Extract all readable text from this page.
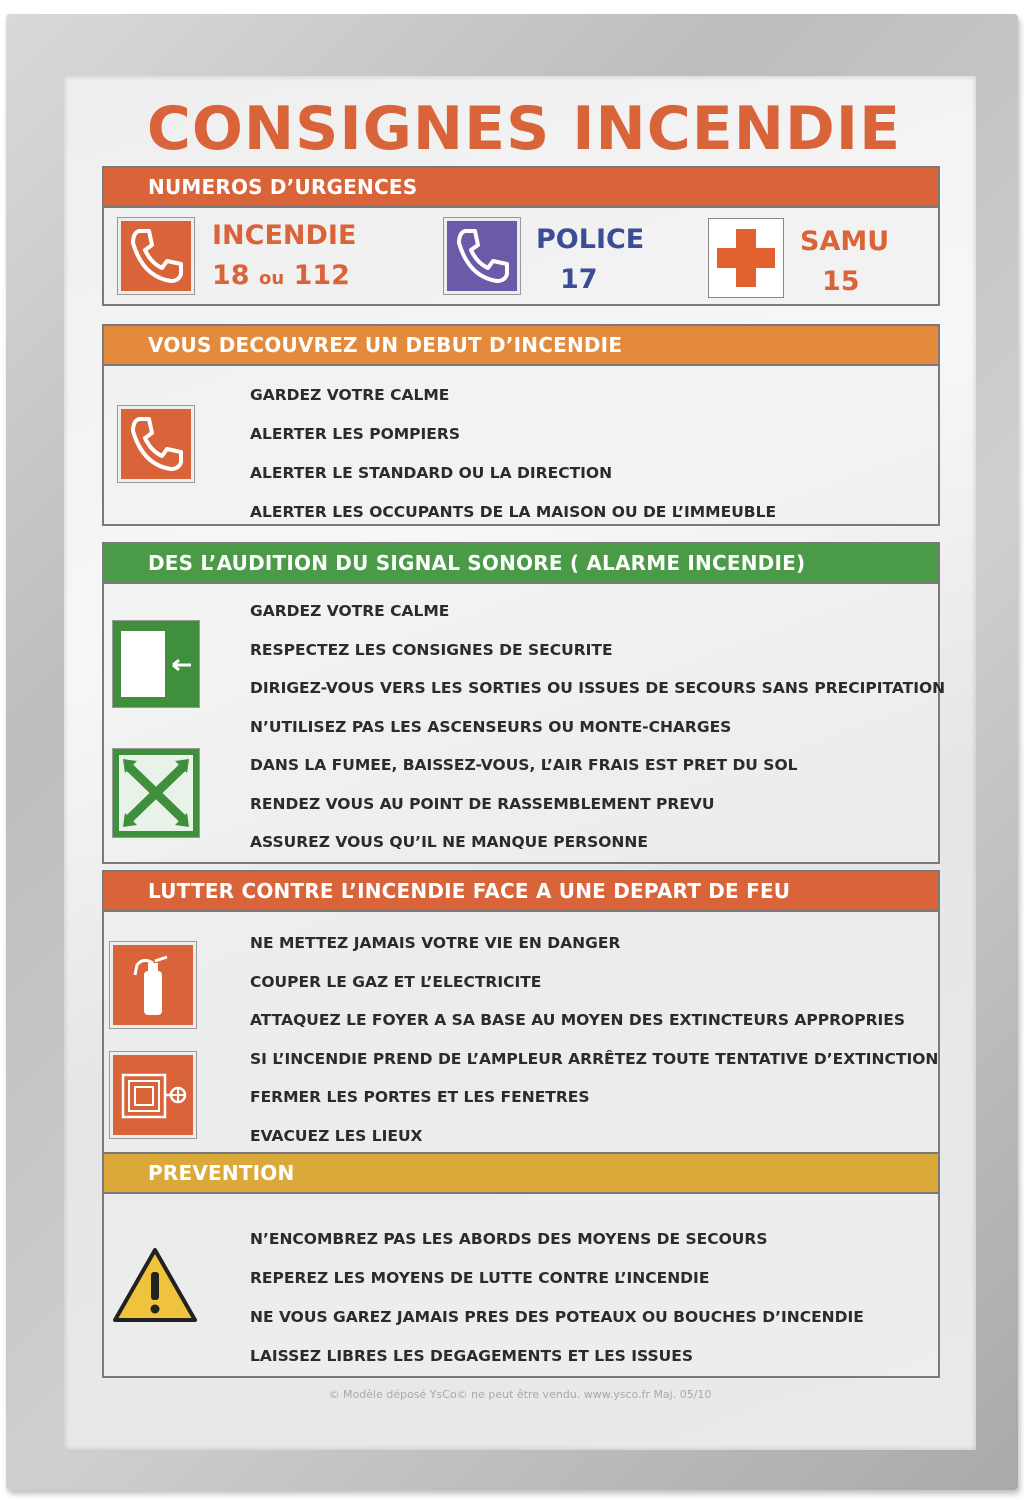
CONSIGNES INCENDIE
NUMEROS D’URGENCES
INCENDIE
18 ou 112
POLICE
17
SAMU
15
VOUS DECOUVREZ UN DEBUT D’INCENDIE
GARDEZ VOTRE CALME
ALERTER LES POMPIERS
ALERTER LE STANDARD OU LA DIRECTION
ALERTER LES OCCUPANTS DE LA MAISON OU DE L’IMMEUBLE
DES L’AUDITION DU SIGNAL SONORE ( ALARME INCENDIE)
GARDEZ VOTRE CALME
RESPECTEZ LES CONSIGNES DE SECURITE
DIRIGEZ-VOUS VERS LES SORTIES OU ISSUES DE SECOURS SANS PRECIPITATION
N’UTILISEZ PAS LES ASCENSEURS OU MONTE-CHARGES
DANS LA FUMEE, BAISSEZ-VOUS, L’AIR FRAIS EST PRET DU SOL
RENDEZ VOUS AU POINT DE RASSEMBLEMENT PREVU
ASSUREZ VOUS QU’IL NE MANQUE PERSONNE
LUTTER CONTRE L’INCENDIE FACE A UNE DEPART DE FEU
NE METTEZ JAMAIS VOTRE VIE EN DANGER
COUPER LE GAZ ET L’ELECTRICITE
ATTAQUEZ LE FOYER A SA BASE AU MOYEN DES EXTINCTEURS APPROPRIES
SI L’INCENDIE PREND DE L’AMPLEUR ARRÊTEZ TOUTE TENTATIVE D’EXTINCTION
FERMER LES PORTES ET LES FENETRES
EVACUEZ LES LIEUX
PREVENTION
N’ENCOMBREZ PAS LES ABORDS DES MOYENS DE SECOURS
REPEREZ LES MOYENS DE LUTTE CONTRE L’INCENDIE
NE VOUS GAREZ JAMAIS PRES DES POTEAUX OU BOUCHES D’INCENDIE
LAISSEZ LIBRES LES DEGAGEMENTS ET LES ISSUES
© Modèle déposé YsCo© ne peut être vendu. www.ysco.fr Maj. 05/10
